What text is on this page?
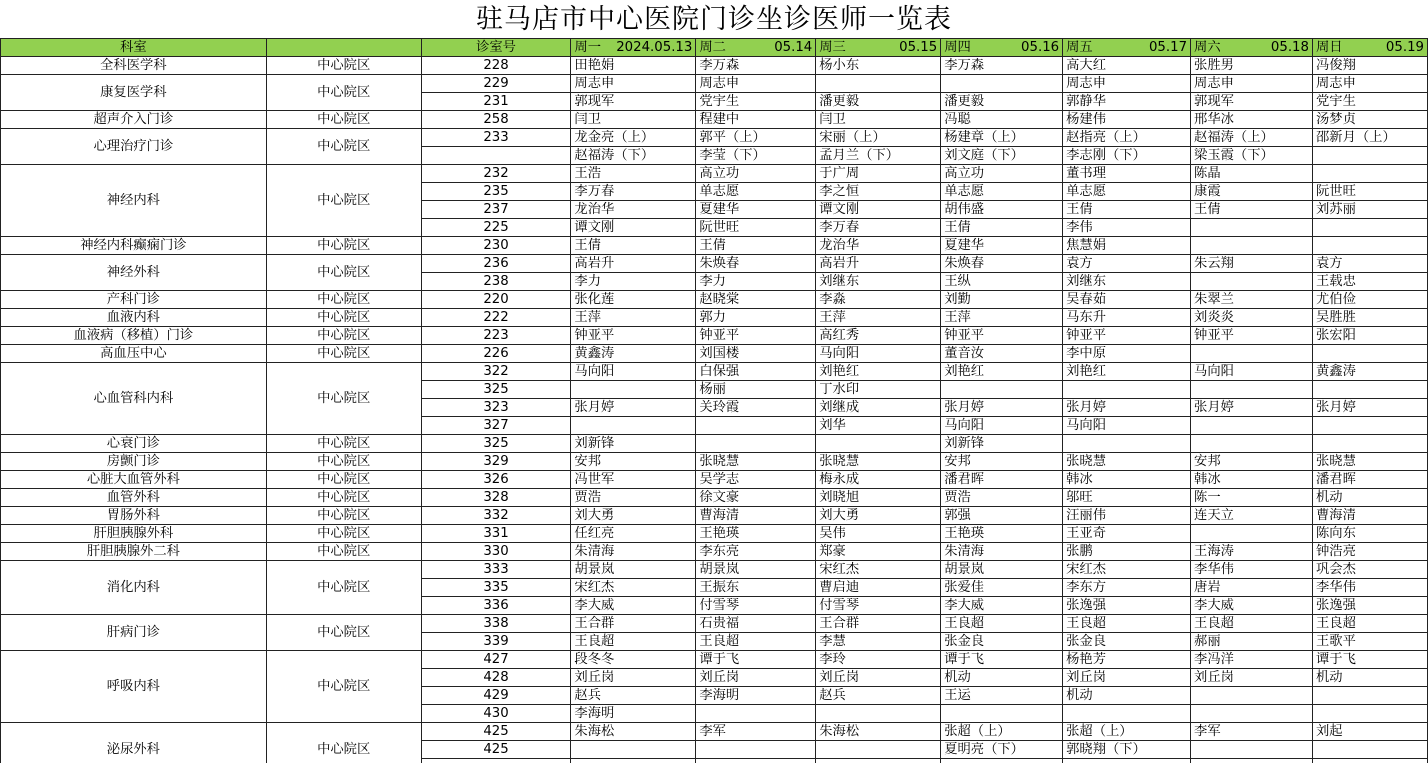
驻马店市中心医院门诊坐诊医师一览表
科室		诊室号	周一 2024.05.13	周二 05.14	周三 05.15	周四 05.16	周五 05.17	周六 05.18	周日 05.19

全科医学科	中心院区	228	田艳娟	李万森	杨小东	李万森	高大红	张胜男	冯俊翔
康复医学科	中心院区	229	周志申	周志申			周志申	周志申	周志申
		231	郭现军	党宇生	潘更毅	潘更毅	郭静华	郭现军	党宇生
超声介入门诊	中心院区	258	闫卫	程建中	闫卫	冯聪	杨建伟	邢华冰	汤梦贞
心理治疗门诊	中心院区	233	龙金亮（上）	郭平（上）	宋丽（上）	杨建章（上）	赵指亮（上）	赵福涛（上）	邵新月（上）
			赵福涛（下）	李莹（下）	孟月兰（下）	刘文庭（下）	李志刚（下）	梁玉霞（下）	
神经内科	中心院区	232	王浩	高立功	于广周	高立功	董书理	陈晶	
		235	李万春	单志愿	李之恒	单志愿	单志愿	康霞	阮世旺
		237	龙治华	夏建华	谭文刚	胡伟盛	王倩	王倩	刘苏丽
		225	谭文刚	阮世旺	李万春	王倩	李伟		
神经内科癫痫门诊	中心院区	230	王倩	王倩	龙治华	夏建华	焦慧娟		
神经外科	中心院区	236	高岩升	朱焕春	高岩升	朱焕春	袁方	朱云翔	袁方
		238	李力	李力	刘继东	王纵	刘继东		王载忠
产科门诊	中心院区	220	张化莲	赵晓棠	李淼	刘勤	吴春茹	朱翠兰	尤伯俭
血液内科	中心院区	222	王萍	郭力	王萍	王萍	马东升	刘炎炎	吴胜胜
血液病（移植）门诊	中心院区	223	钟亚平	钟亚平	高红秀	钟亚平	钟亚平	钟亚平	张宏阳
高血压中心	中心院区	226	黄鑫涛	刘国楼	马向阳	董音汝	李中原		
心血管科内科	中心院区	322	马向阳	白保强	刘艳红	刘艳红	刘艳红	马向阳	黄鑫涛
		325		杨丽	丁水印				
		323	张月婷	关玲霞	刘继成	张月婷	张月婷	张月婷	张月婷
		327			刘华	马向阳	马向阳		
心衰门诊	中心院区	325	刘新锋			刘新锋			
房颤门诊	中心院区	329	安邦	张晓慧	张晓慧	安邦	张晓慧	安邦	张晓慧
心脏大血管外科	中心院区	326	冯世军	吴学志	梅永成	潘君晖	韩冰	韩冰	潘君晖
血管外科	中心院区	328	贾浩	徐文豪	刘晓旭	贾浩	邬旺	陈一	机动
胃肠外科	中心院区	332	刘大勇	曹海清	刘大勇	郭强	汪丽伟	连天立	曹海清
肝胆胰腺外科	中心院区	331	任红亮	王艳瑛	吴伟	王艳瑛	王亚奇		陈向东
肝胆胰腺外二科	中心院区	330	朱清海	李东亮	郑豪	朱清海	张鹏	王海涛	钟浩亮
消化内科	中心院区	333	胡景岚	胡景岚	宋红杰	胡景岚	宋红杰	李华伟	巩会杰
		335	宋红杰	王振东	曹启迪	张爱佳	李东方	唐岩	李华伟
		336	李大威	付雪琴	付雪琴	李大威	张逸强	李大威	张逸强
肝病门诊	中心院区	338	王合群	石贵福	王合群	王良超	王良超	王良超	王良超
		339	王良超	王良超	李慧	张金良	张金良	郝丽	王歌平
呼吸内科	中心院区	427	段冬冬	谭于飞	李玲	谭于飞	杨艳芳	李冯洋	谭于飞
		428	刘丘岗	刘丘岗	刘丘岗	机动	刘丘岗	刘丘岗	机动
		429	赵兵	李海明	赵兵	王运	机动		
		430	李海明						
泌尿外科	中心院区	425	朱海松	李军	朱海松	张超（上）	张超（上）	李军	刘起
		425				夏明亮（下）	郭晓翔（下）		
